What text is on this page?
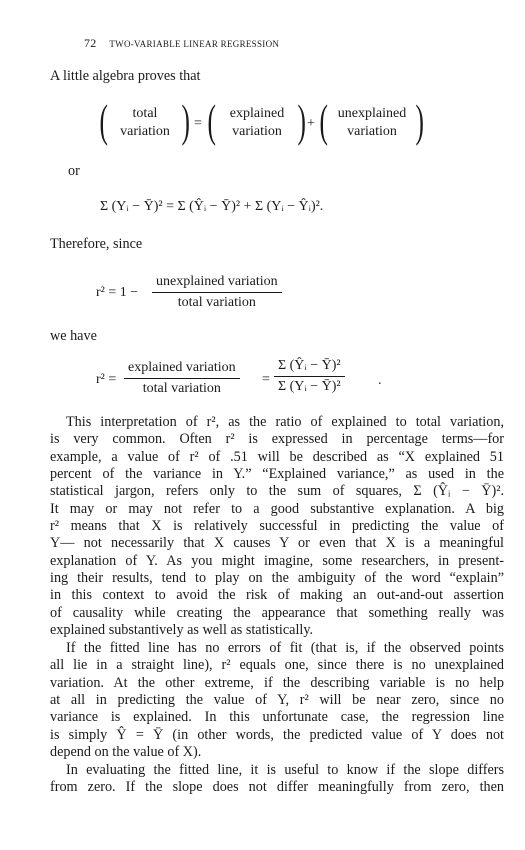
72 TWO-VARIABLE LINEAR REGRESSION
A little algebra proves that
(	total
variation ) = ( explained
variation ) + ( unexplained
variation )
or
Σ (Yᵢ − Ȳ)² = Σ (Ŷᵢ − Ȳ)² + Σ (Yᵢ − Ŷᵢ)².
Therefore, since
r² = 1 −
unexplained variation
total variation
we have
r² =
explained variation
total variation
= $\frac{\text{Σ (Ŷᵢ − Ȳ)²}}{\text{Σ (Yᵢ − Ȳ)²}}$ .
This interpretation of r², as the ratio of explained to total variation,
is very common. Often r² is expressed in percentage terms—for
example, a value of r² of .51 will be described as “X explained 51
percent of the variance in Y.” “Explained variance,” as used in the
statistical jargon, refers only to the sum of squares, Σ (Ŷᵢ − Ȳ)².
It may or may not refer to a good substantive explanation. A big
r² means that X is relatively successful in predicting the value of
Y— not necessarily that X causes Y or even that X is a meaningful
explanation of Y. As you might imagine, some researchers, in present-
ing their results, tend to play on the ambiguity of the word “explain”
in this context to avoid the risk of making an out-and-out assertion
of causality while creating the appearance that something really was
explained substantively as well as statistically.
If the fitted line has no errors of fit (that is, if the observed points
all lie in a straight line), r² equals one, since there is no unexplained
variation. At the other extreme, if the describing variable is no help
at all in predicting the value of Y, r² will be near zero, since no
variance is explained. In this unfortunate case, the regression line
is simply Ŷ = Ȳ (in other words, the predicted value of Y does not
depend on the value of X).
In evaluating the fitted line, it is useful to know if the slope differs
from zero. If the slope does not differ meaningfully from zero, then
